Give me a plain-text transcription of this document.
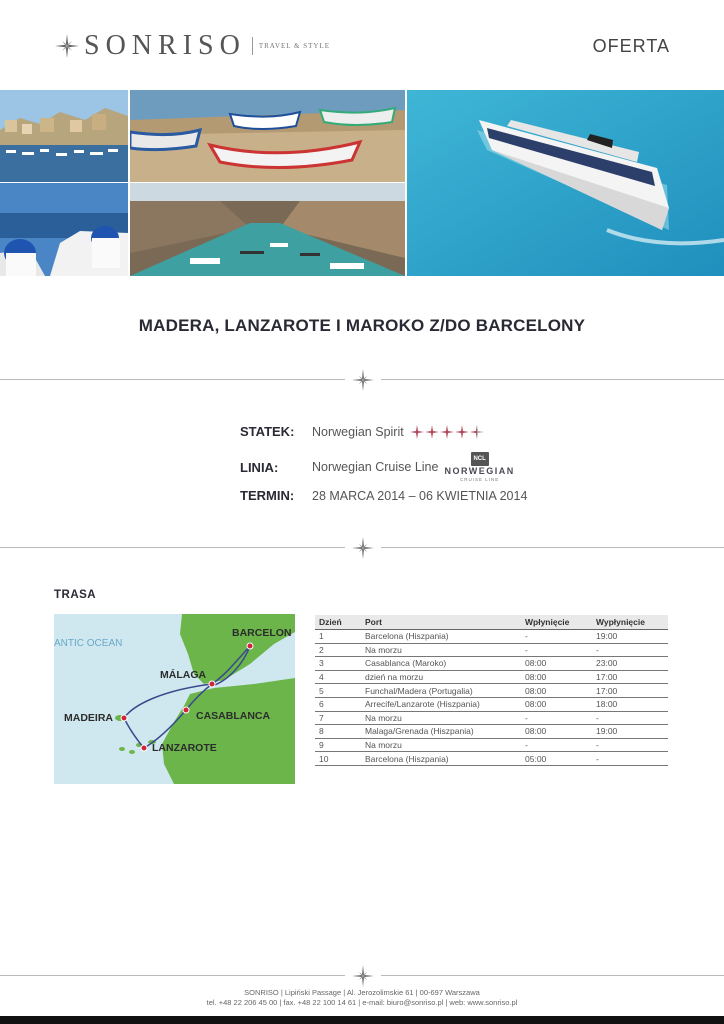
SONRISO TRAVEL & STYLE	OFERTA
MADERA, LANZAROTE I MAROKO Z/DO BARCELONY
STATEK:	Norwegian Spirit
LINIA:	Norwegian Cruise Line
NCL
NORWEGIAN
CRUISE LINE
TERMIN:	28 MARCA 2014 – 06 KWIETNIA 2014
TRASA
BARCELON
MÁLAGA
CASABLANCA
MADEIRA
LANZAROTE
ANTIC OCEAN
Dzień	Port	Wpłynięcie	Wypłynięcie
1	Barcelona (Hiszpania)	-	19:00
2	Na morzu	-	-
3	Casablanca (Maroko)	08:00	23:00
4	dzień na morzu	08:00	17:00
5	Funchal/Madera (Portugalia)	08:00	17:00
6	Arrecife/Lanzarote (Hiszpania)	08:00	18:00
7	Na morzu	-	-
8	Malaga/Grenada (Hiszpania)	08:00	19:00
9	Na morzu	-	-
10	Barcelona (Hiszpania)	05:00	-
SONRISO | Lipiński Passage | Al. Jerozolimskie 61 | 00-697 Warszawa
tel. +48 22 206 45 00 | fax. +48 22 100 14 61 | e-mail: biuro@sonriso.pl | web: www.sonriso.pl
